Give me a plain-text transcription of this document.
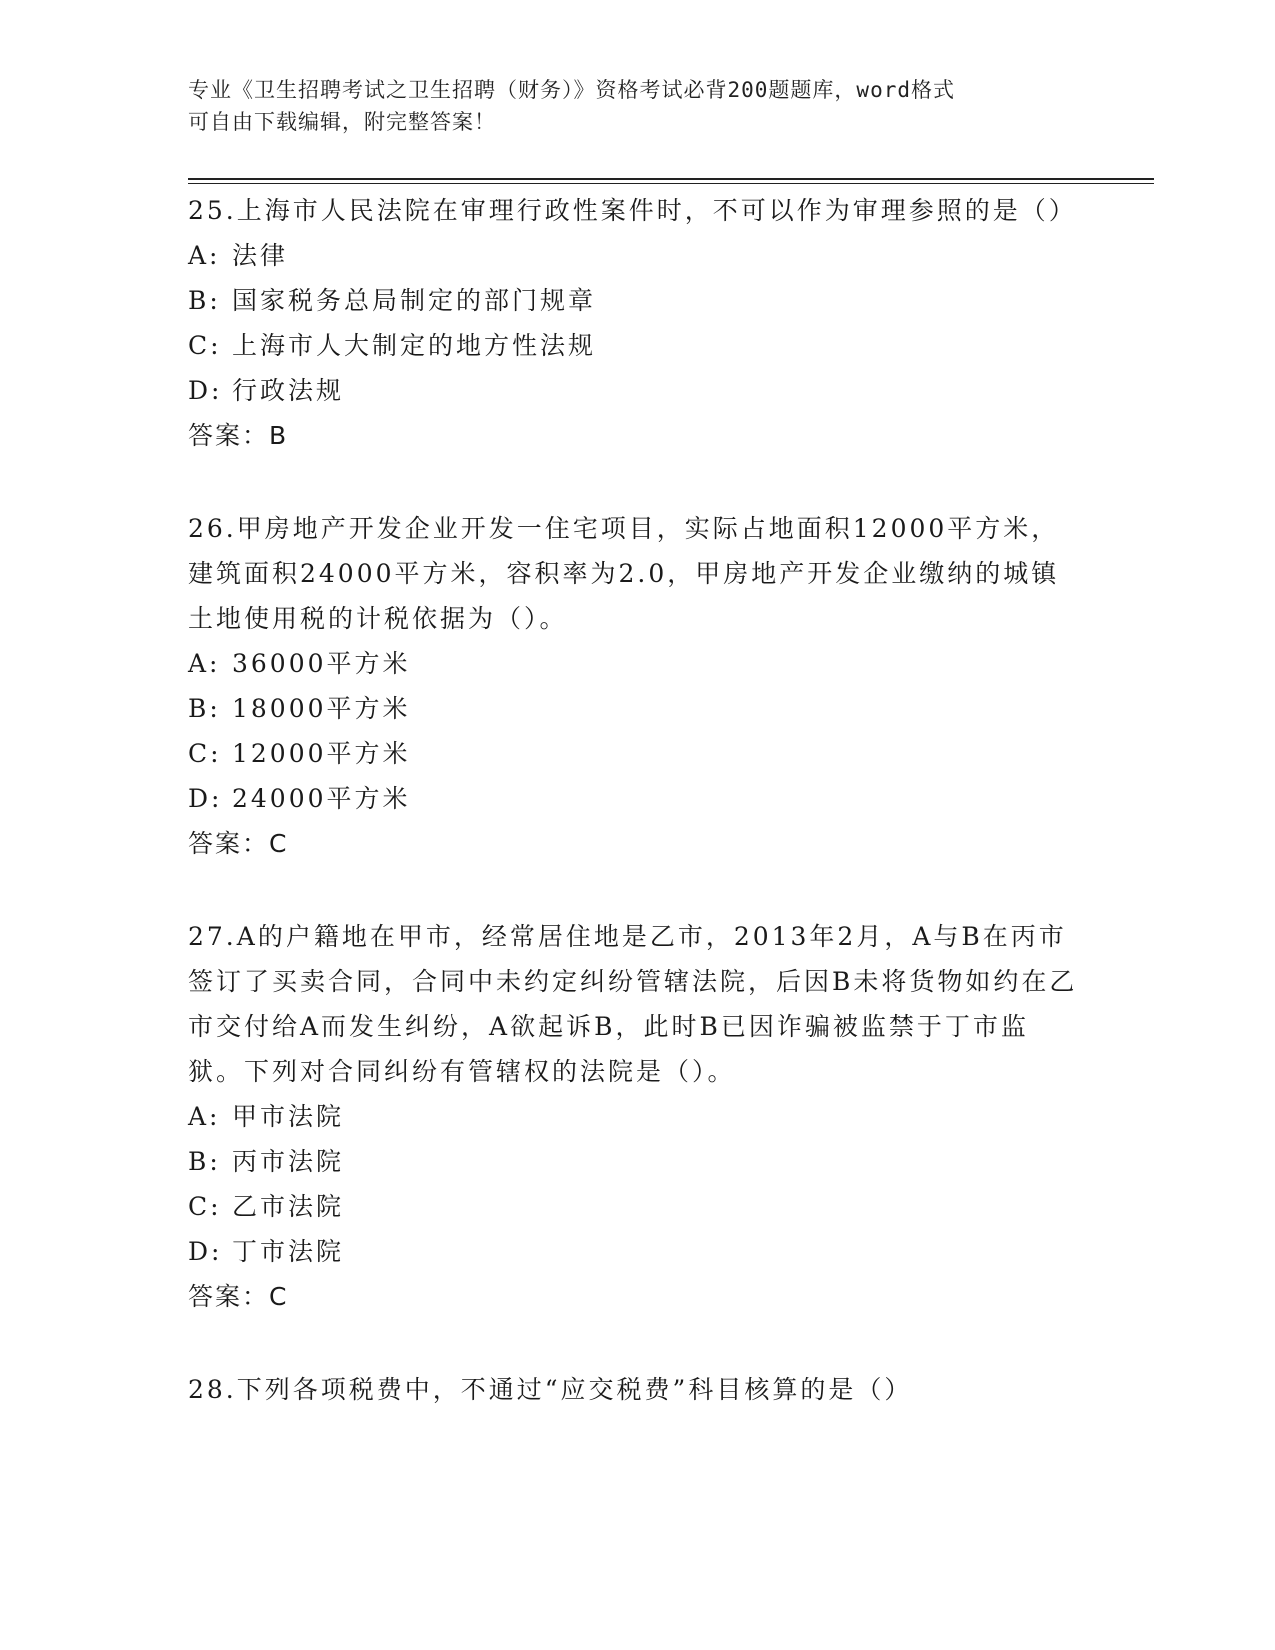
专业《卫生招聘考试之卫生招聘（财务）》资格考试必背200题题库，word格式
可自由下载编辑，附完整答案！

25.上海市人民法院在审理行政性案件时，不可以作为审理参照的是（）

A: 法律

B: 国家税务总局制定的部门规章

C: 上海市人大制定的地方性法规

D: 行政法规

答案：B

26.甲房地产开发企业开发一住宅项目，实际占地面积12000平方米，建筑面积24000平方米，容积率为2.0，甲房地产开发企业缴纳的城镇土地使用税的计税依据为（）。

A: 36000平方米

B: 18000平方米

C: 12000平方米

D: 24000平方米

答案：C

27.A的户籍地在甲市，经常居住地是乙市，2013年2月，A与B在丙市签订了买卖合同，合同中未约定纠纷管辖法院，后因B未将货物如约在乙市交付给A而发生纠纷，A欲起诉B，此时B已因诈骗被监禁于丁市监狱。下列对合同纠纷有管辖权的法院是（）。

A: 甲市法院

B: 丙市法院

C: 乙市法院

D: 丁市法院

答案：C

28.下列各项税费中，不通过“应交税费”科目核算的是（）
